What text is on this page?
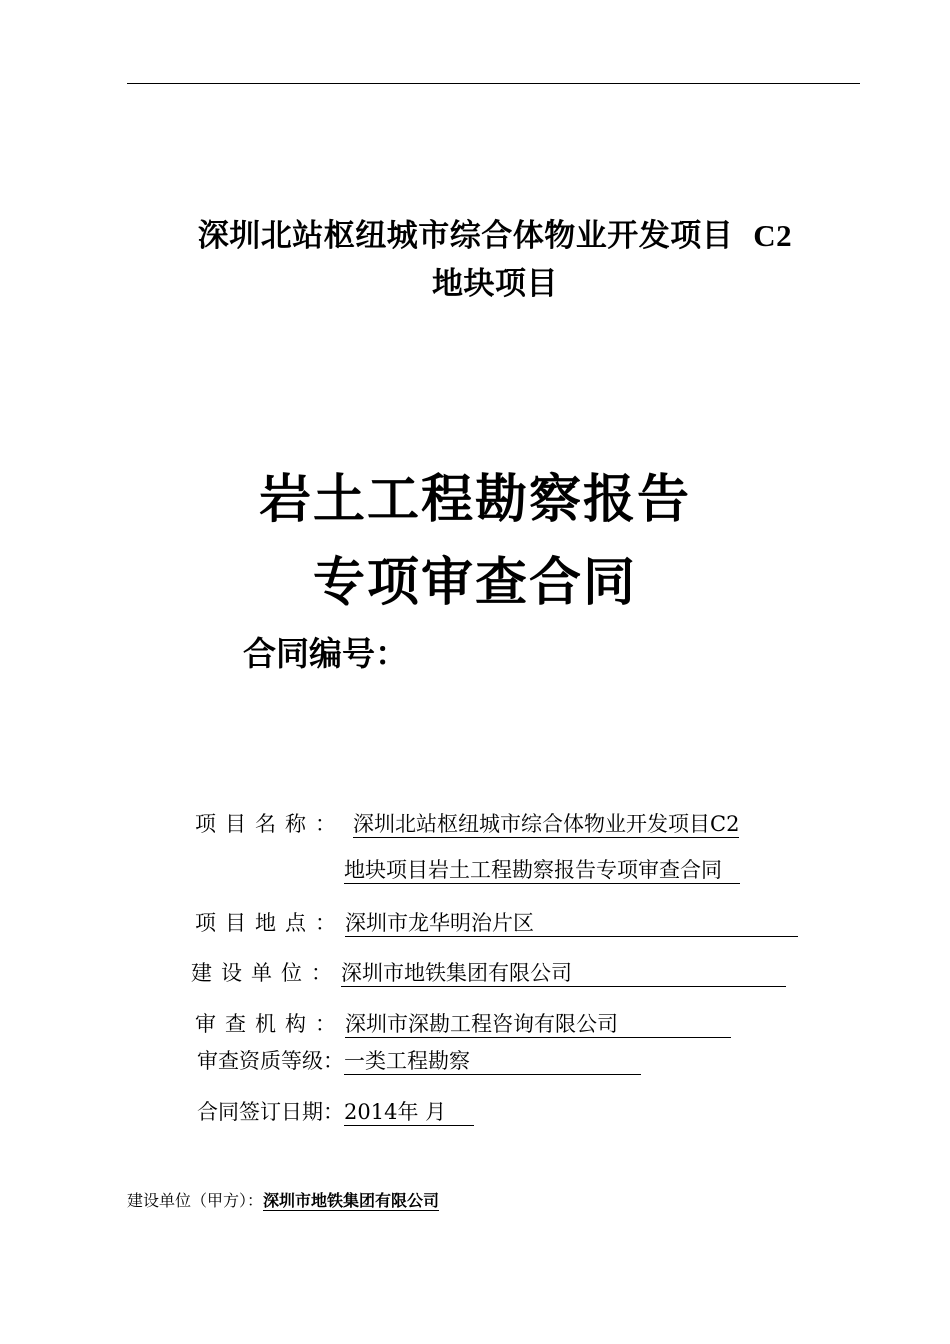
深圳北站枢纽城市综合体物业开发项目 C2
地块项目
岩土工程勘察报告
专项审查合同
合同编号：
项目名称： 深圳北站枢纽城市综合体物业开发项目C2
地块项目岩土工程勘察报告专项审查合同
项目地点：深圳市龙华明治片区
建设单位：深圳市地铁集团有限公司
审查机构：深圳市深勘工程咨询有限公司
审查资质等级：一类工程勘察
合同签订日期：2014年 月
建设单位（甲方）：深圳市地铁集团有限公司
